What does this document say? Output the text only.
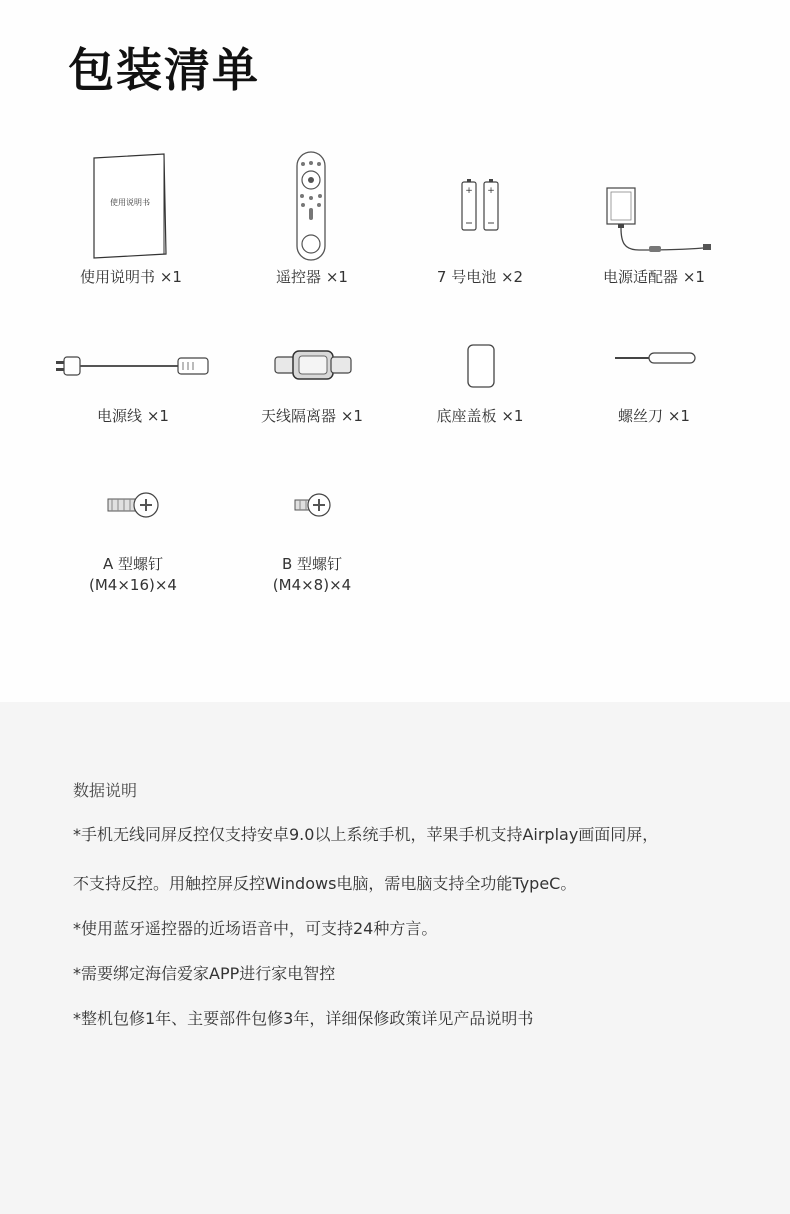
包装清单
使用说明书
使用说明书 ×1	遥控器 ×1
+ +
7 号电池 ×2	电源适配器 ×1
电源线 ×1	天线隔离器 ×1	底座盖板 ×1	螺丝刀 ×1
A 型螺钉
(M4×16)×4
B 型螺钉
(M4×8)×4
数据说明
*手机无线同屏反控仅支持安卓9.0以上系统手机，苹果手机支持Airplay画面同屏，
不支持反控。用触控屏反控Windows电脑，需电脑支持全功能TypeC。
*使用蓝牙遥控器的近场语音中，可支持24种方言。
*需要绑定海信爱家APP进行家电智控
*整机包修1年、主要部件包修3年，详细保修政策详见产品说明书
